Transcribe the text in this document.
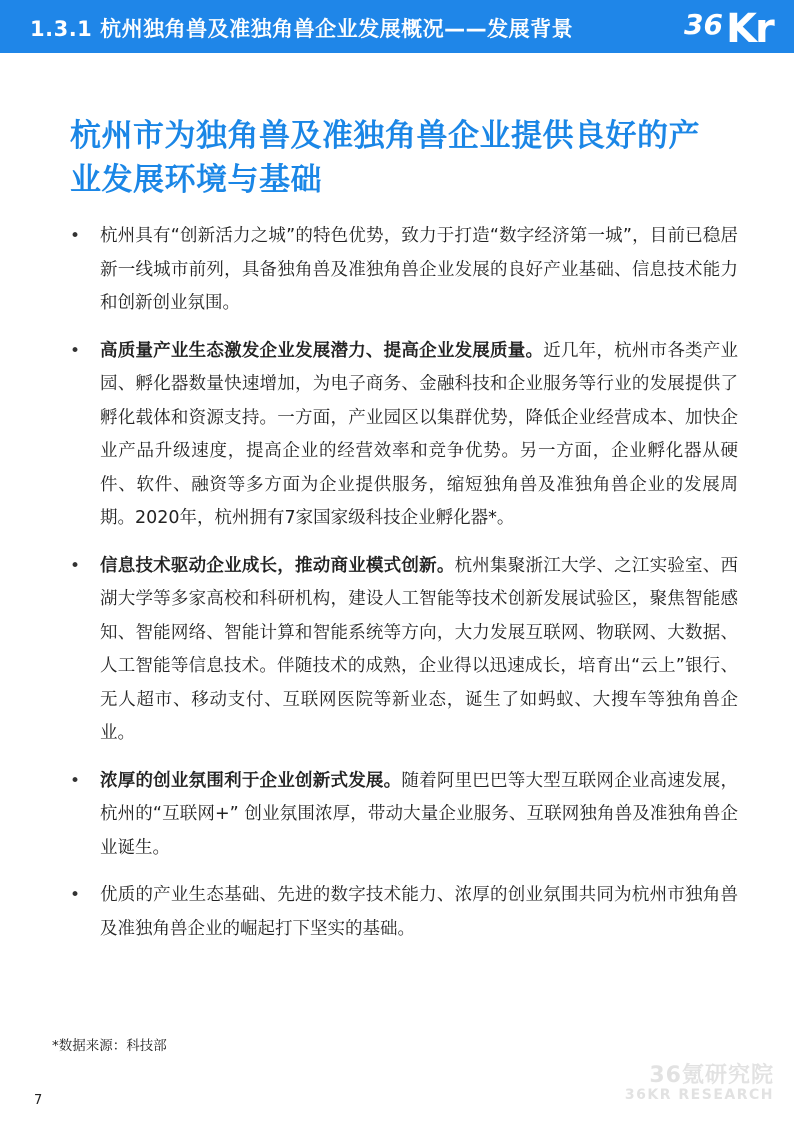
1.3.1 杭州独角兽及准独角兽企业发展概况——发展背景	36 Kr
杭州市为独角兽及准独角兽企业提供良好的产业发展环境与基础
• 杭州具有“创新活力之城”的特色优势，致力于打造“数字经济第一城”，目前已稳居新一线城市前列，具备独角兽及准独角兽企业发展的良好产业基础、信息技术能力和创新创业氛围。
• 高质量产业生态激发企业发展潜力、提高企业发展质量。近几年，杭州市各类产业园、孵化器数量快速增加，为电子商务、金融科技和企业服务等行业的发展提供了孵化载体和资源支持。一方面，产业园区以集群优势，降低企业经营成本、加快企业产品升级速度，提高企业的经营效率和竞争优势。另一方面，企业孵化器从硬件、软件、融资等多方面为企业提供服务，缩短独角兽及准独角兽企业的发展周期。2020年，杭州拥有7家国家级科技企业孵化器*。
• 信息技术驱动企业成长，推动商业模式创新。杭州集聚浙江大学、之江实验室、西湖大学等多家高校和科研机构，建设人工智能等技术创新发展试验区，聚焦智能感知、智能网络、智能计算和智能系统等方向，大力发展互联网、物联网、大数据、人工智能等信息技术。伴随技术的成熟，企业得以迅速成长，培育出“云上”银行、无人超市、移动支付、互联网医院等新业态，诞生了如蚂蚁、大搜车等独角兽企业。
• 浓厚的创业氛围利于企业创新式发展。随着阿里巴巴等大型互联网企业高速发展，杭州的“互联网+” 创业氛围浓厚，带动大量企业服务、互联网独角兽及准独角兽企业诞生。
• 优质的产业生态基础、先进的数字技术能力、浓厚的创业氛围共同为杭州市独角兽及准独角兽企业的崛起打下坚实的基础。
*数据来源：科技部
36氪研究院
36KR RESEARCH
7
